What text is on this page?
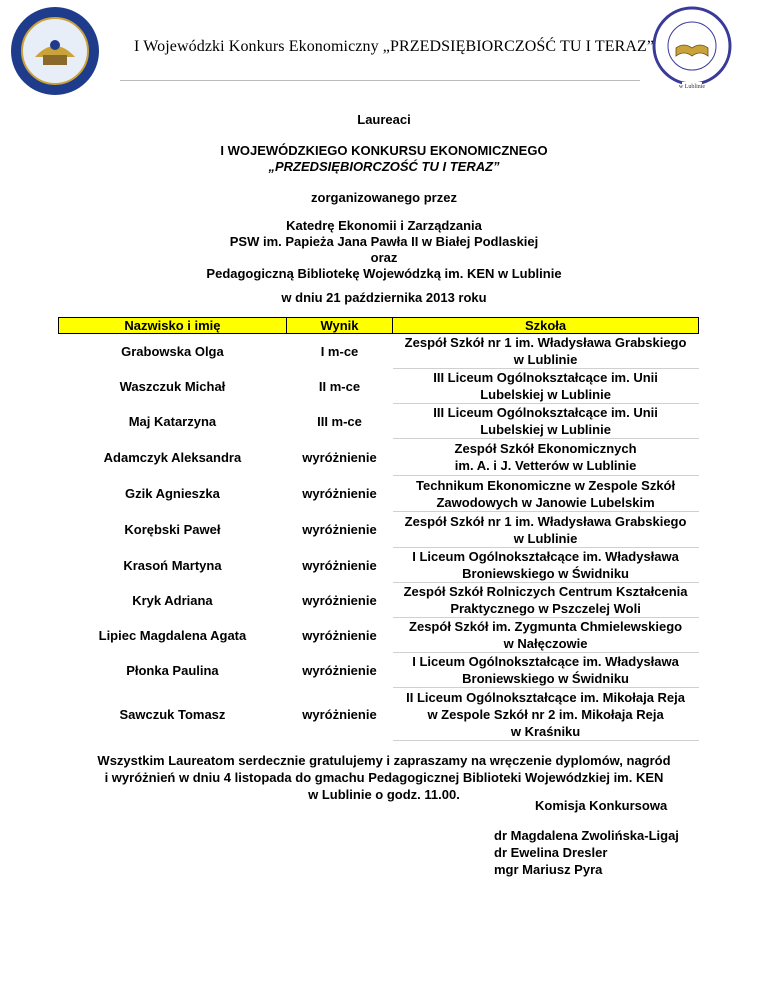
I Wojewódzki Konkurs Ekonomiczny „PRZEDSIĘBIORCZOŚĆ TU I TERAZ”
w Lublinie
Laureaci
I WOJEWÓDZKIEGO KONKURSU EKONOMICZNEGO
„PRZEDSIĘBIORCZOŚĆ TU I TERAZ”
zorganizowanego przez
Katedrę Ekonomii i Zarządzania
PSW im. Papieża Jana Pawła II w Białej Podlaskiej
oraz
Pedagogiczną Bibliotekę Wojewódzką im. KEN w Lublinie
w dniu 21 października 2013 roku
Nazwisko i imię	Wynik	Szkoła
Grabowska Olga	I m-ce	Zespół Szkół nr 1 im. Władysława Grabskiego
w Lublinie
Waszczuk Michał	II m-ce	III Liceum Ogólnokształcące im. Unii
Lubelskiej w Lublinie
Maj Katarzyna	III m-ce	III Liceum Ogólnokształcące im. Unii
Lubelskiej w Lublinie
Adamczyk Aleksandra	wyróżnienie	Zespół Szkół Ekonomicznych
im. A. i J. Vetterów w Lublinie
Gzik Agnieszka	wyróżnienie	Technikum Ekonomiczne w Zespole Szkół
Zawodowych w Janowie Lubelskim
Korębski Paweł	wyróżnienie	Zespół Szkół nr 1 im. Władysława Grabskiego
w Lublinie
Krasoń Martyna	wyróżnienie	I Liceum Ogólnokształcące im. Władysława
Broniewskiego w Świdniku
Kryk Adriana	wyróżnienie	Zespół Szkół Rolniczych Centrum Kształcenia
Praktycznego w Pszczelej Woli
Lipiec Magdalena Agata	wyróżnienie	Zespół Szkół im. Zygmunta Chmielewskiego
w Nałęczowie
Płonka Paulina	wyróżnienie	I Liceum Ogólnokształcące im. Władysława
Broniewskiego w Świdniku
Sawczuk Tomasz	wyróżnienie	II Liceum Ogólnokształcące im. Mikołaja Reja
w Zespole Szkół nr 2 im. Mikołaja Reja
w Kraśniku
Wszystkim Laureatom serdecznie gratulujemy i zapraszamy na wręczenie dyplomów, nagród
i wyróżnień w dniu 4 listopada do gmachu Pedagogicznej Biblioteki Wojewódzkiej im. KEN
w Lublinie o godz. 11.00.
Komisja Konkursowa
dr Magdalena Zwolińska-Ligaj
dr Ewelina Dresler
mgr Mariusz Pyra
